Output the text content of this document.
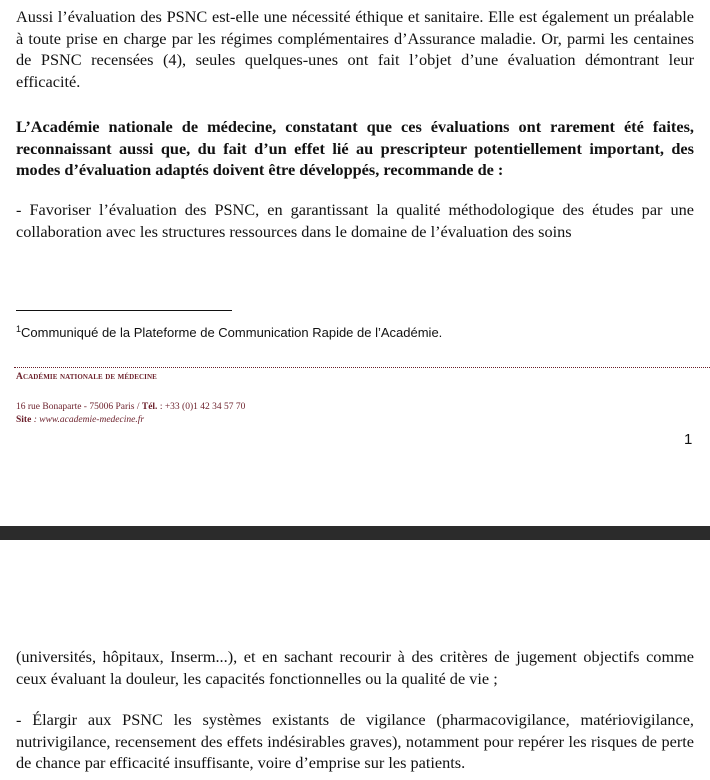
Aussi l’évaluation des PSNC est-elle une nécessité éthique et sanitaire. Elle est également un préalable à toute prise en charge par les régimes complémentaires d’Assurance maladie. Or, parmi les centaines de PSNC recensées (4), seules quelques-unes ont fait l’objet d’une évaluation démontrant leur efficacité.

L’Académie nationale de médecine, constatant que ces évaluations ont rarement été faites, reconnaissant aussi que, du fait d’un effet lié au prescripteur potentiellement important, des modes d’évaluation adaptés doivent être développés, recommande de :

- Favoriser l’évaluation des PSNC, en garantissant la qualité méthodologique des études par une collaboration avec les structures ressources dans le domaine de l’évaluation des soins

$^1$Communiqué de la Plateforme de Communication Rapide de l’Académie.

Académie nationale de médecine

16 rue Bonaparte - 75006 Paris / Tél. : +33 (0)1 42 34 57 70

Site : www.academie-medecine.fr

1

(universités, hôpitaux, Inserm...), et en sachant recourir à des critères de jugement objectifs comme ceux évaluant la douleur, les capacités fonctionnelles ou la qualité de vie ;

- Élargir aux PSNC les systèmes existants de vigilance (pharmacovigilance, matériovigilance, nutrivigilance, recensement des effets indésirables graves), notamment pour repérer les risques de perte de chance par efficacité insuffisante, voire d’emprise sur les patients.
